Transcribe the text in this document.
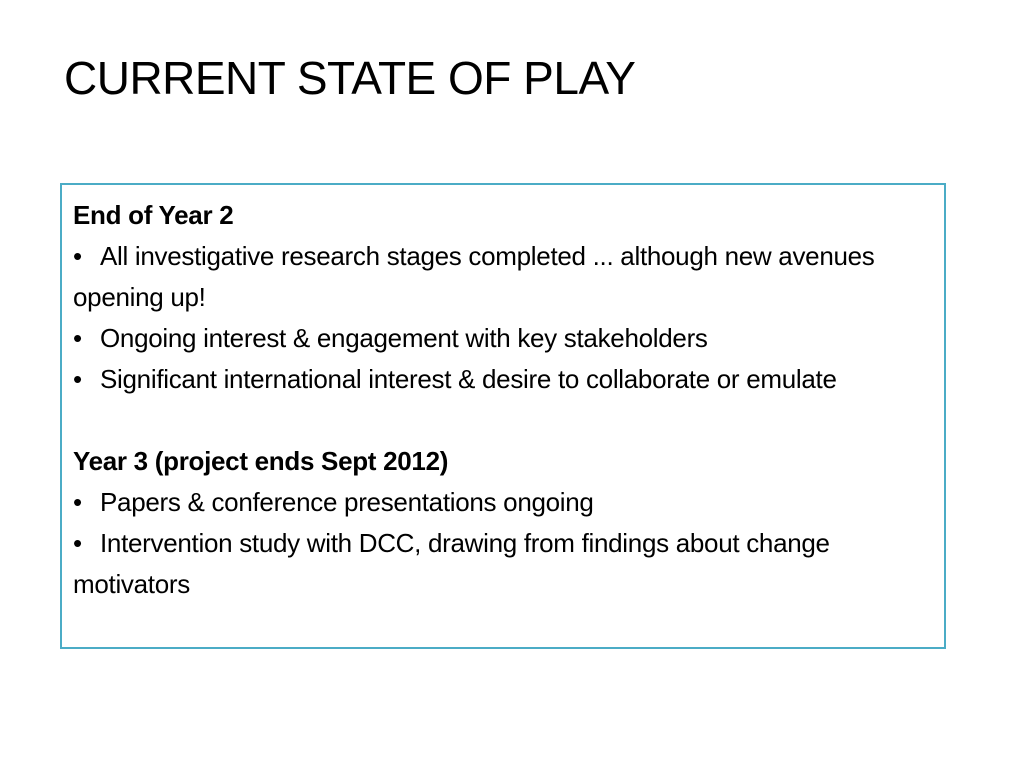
CURRENT STATE OF PLAY

End of Year 2

• All investigative research stages completed ... although new avenues opening up!

• Ongoing interest & engagement with key stakeholders

• Significant international interest & desire to collaborate or emulate

Year 3 (project ends Sept 2012)

• Papers & conference presentations ongoing

• Intervention study with DCC, drawing from findings about change motivators
